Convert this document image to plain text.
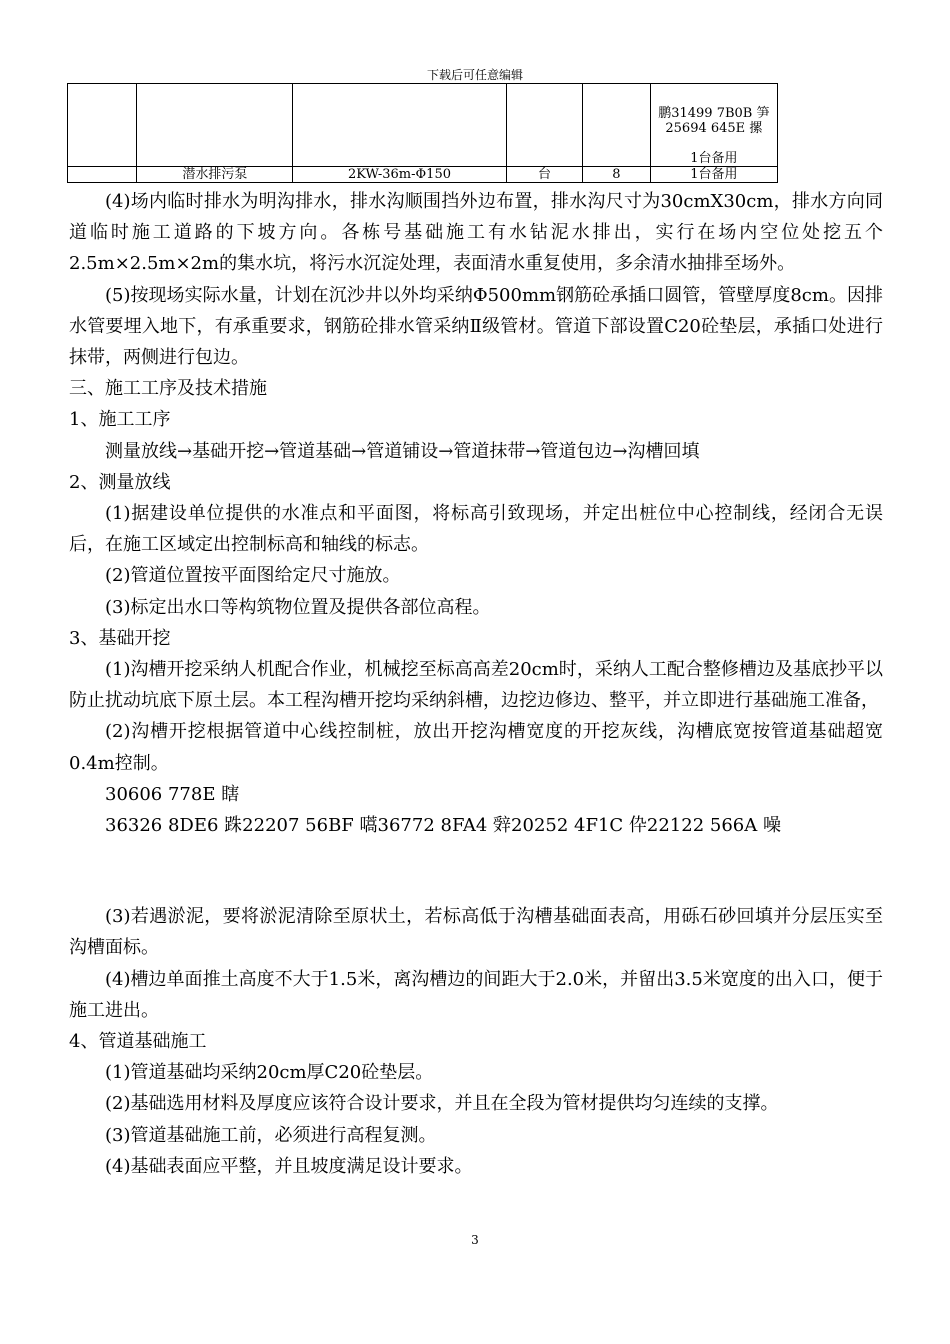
下载后可任意编辑
					鹏31499 7B0B 笋25694 645E 摞

1台备用
	潜水排污泵	2KW-36m-Φ150	台	8	1台备用

(4)场内临时排水为明沟排水，排水沟顺围挡外边布置，排水沟尺寸为30cmX30cm，排水方向同道临时施工道路的下坡方向。各栋号基础施工有水钻泥水排出，实行在场内空位处挖五个2.5m×2.5m×2m的集水坑，将污水沉淀处理，表面清水重复使用，多余清水抽排至场外。

(5)按现场实际水量，计划在沉沙井以外均采纳Φ500mm钢筋砼承插口圆管，管壁厚度8cm。因排水管要埋入地下，有承重要求，钢筋砼排水管采纳Ⅱ级管材。管道下部设置C20砼垫层，承插口处进行抹带，两侧进行包边。

三、施工工序及技术措施

1、施工工序

测量放线→基础开挖→管道基础→管道铺设→管道抹带→管道包边→沟槽回填

2、测量放线

(1)据建设单位提供的水准点和平面图，将标高引致现场，并定出桩位中心控制线，经闭合无误后，在施工区域定出控制标高和轴线的标志。

(2)管道位置按平面图给定尺寸施放。

(3)标定出水口等构筑物位置及提供各部位高程。

3、基础开挖

(1)沟槽开挖采纳人机配合作业，机械挖至标高高差20cm时，采纳人工配合整修槽边及基底抄平以防止扰动坑底下原土层。本工程沟槽开挖均采纳斜槽，边挖边修边、整平，并立即进行基础施工准备，

(2)沟槽开挖根据管道中心线控制桩，放出开挖沟槽宽度的开挖灰线，沟槽底宽按管道基础超宽0.4m控制。

30606 778E 瞎

36326 8DE6 跦22207 56BF 嚆36772 8FA4 辤20252 4F1C 伜22122 566A 噪

(3)若遇淤泥，要将淤泥清除至原状土，若标高低于沟槽基础面表高，用砾石砂回填并分层压实至沟槽面标。

(4)槽边单面推土高度不大于1.5米，离沟槽边的间距大于2.0米，并留出3.5米宽度的出入口，便于施工进出。

4、管道基础施工

(1)管道基础均采纳20cm厚C20砼垫层。

(2)基础选用材料及厚度应该符合设计要求，并且在全段为管材提供均匀连续的支撑。

(3)管道基础施工前，必须进行高程复测。

(4)基础表面应平整，并且坡度满足设计要求。

3
